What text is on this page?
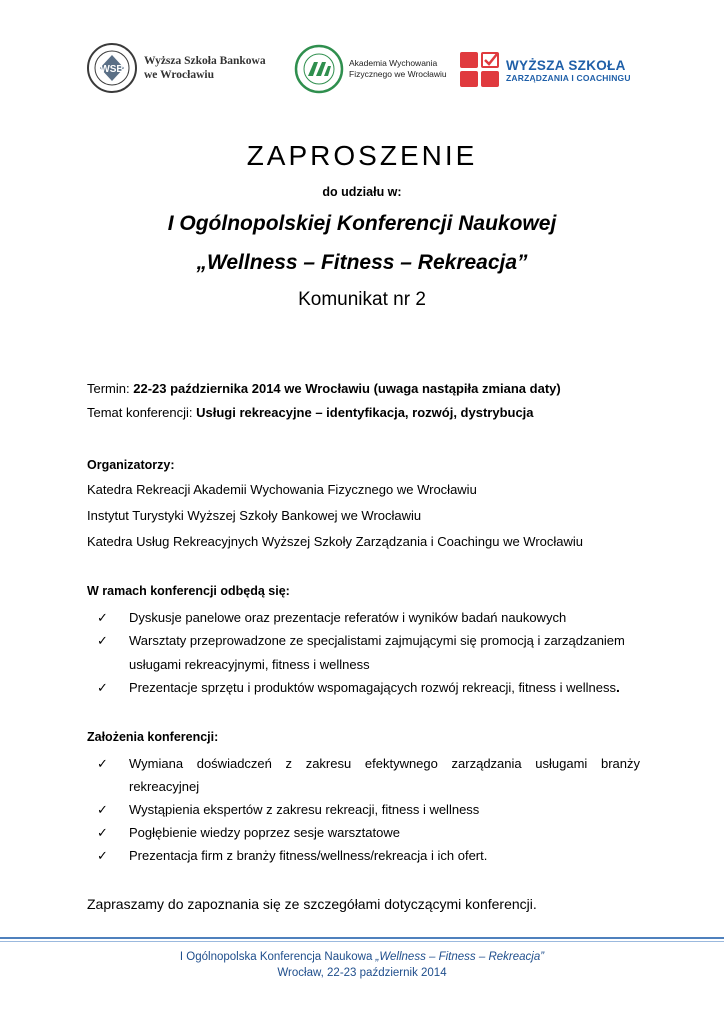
WSB
Wyższa Szkoła Bankowa
we Wrocławiu
Akademia Wychowania
Fizycznego we Wrocławiu
WYŻSZA SZKOŁA
ZARZĄDZANIA I COACHINGU
ZAPROSZENIE
do udziału w:
I Ogólnopolskiej Konferencji Naukowej
„Wellness – Fitness – Rekreacja”
Komunikat nr 2
Termin: 22-23 października 2014 we Wrocławiu (uwaga nastąpiła zmiana daty)
Temat konferencji: Usługi rekreacyjne – identyfikacja, rozwój, dystrybucja
Organizatorzy:
Katedra Rekreacji Akademii Wychowania Fizycznego we Wrocławiu
Instytut Turystyki Wyższej Szkoły Bankowej we Wrocławiu
Katedra Usług Rekreacyjnych Wyższej Szkoły Zarządzania i Coachingu we Wrocławiu
W ramach konferencji odbędą się:
✓ Dyskusje panelowe oraz prezentacje referatów i wyników badań naukowych
✓ Warsztaty przeprowadzone ze specjalistami zajmującymi się promocją i zarządzaniem
usługami rekreacyjnymi, fitness i wellness
✓ Prezentacje sprzętu i produktów wspomagających rozwój rekreacji, fitness i wellness.
Założenia konferencji:
✓ Wymiana doświadczeń z zakresu efektywnego zarządzania usługami branży
rekreacyjnej
✓ Wystąpienia ekspertów z zakresu rekreacji, fitness i wellness
✓ Pogłębienie wiedzy poprzez sesje warsztatowe
✓ Prezentacja firm z branży fitness/wellness/rekreacja i ich ofert.
Zapraszamy do zapoznania się ze szczegółami dotyczącymi konferencji.
I Ogólnopolska Konferencja Naukowa „Wellness – Fitness – Rekreacja”
Wrocław, 22-23 październik 2014
